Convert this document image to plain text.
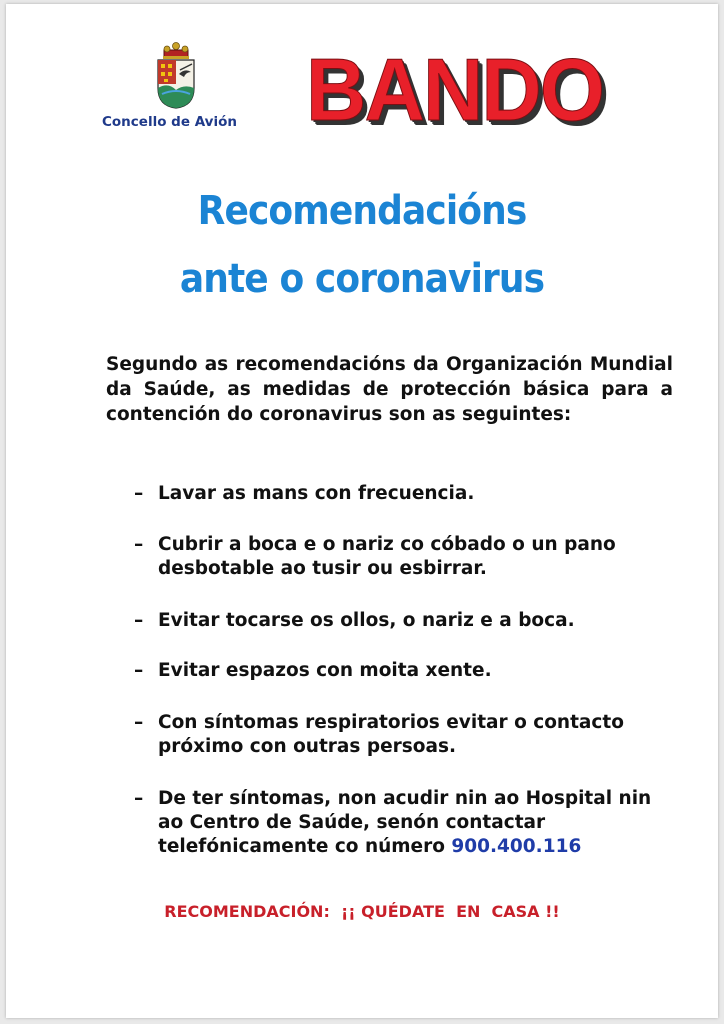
Concello de Avión BANDO
Recomendacións
ante o coronavirus
Segundo as recomendacións da Organización Mundial da Saúde, as medidas de protección básica para a contención do coronavirus son as seguintes:
– Lavar as mans con frecuencia.
– Cubrir a boca e o nariz co cóbado o un pano desbotable ao tusir ou esbirrar.
– Evitar tocarse os ollos, o nariz e a boca.
– Evitar espazos con moita xente.
– Con síntomas respiratorios evitar o contacto próximo con outras persoas.
– De ter síntomas, non acudir nin ao Hospital nin ao Centro de Saúde, senón contactar telefónicamente co número 900.400.116
RECOMENDACIÓN:  ¡¡ QUÉDATE  EN  CASA !!
